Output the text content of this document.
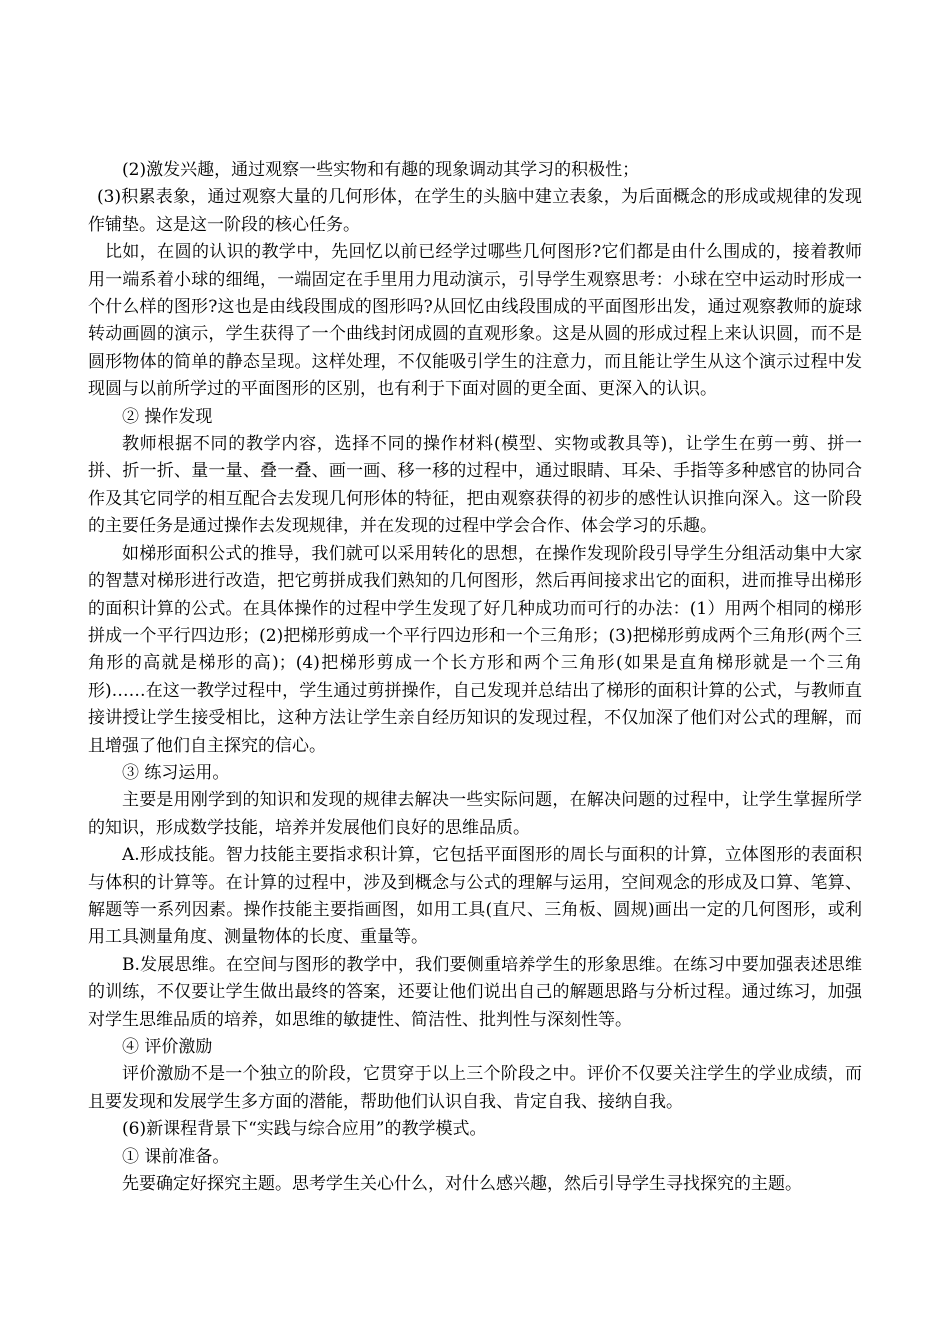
(2)激发兴趣，通过观察一些实物和有趣的现象调动其学习的积极性；

(3)积累表象，通过观察大量的几何形体，在学生的头脑中建立表象，为后面概念的形成或规律的发现作铺垫。这是这一阶段的核心任务。

比如，在圆的认识的教学中，先回忆以前已经学过哪些几何图形?它们都是由什么围成的，接着教师用一端系着小球的细绳，一端固定在手里用力甩动演示，引导学生观察思考：小球在空中运动时形成一个什么样的图形?这也是由线段围成的图形吗?从回忆由线段围成的平面图形出发，通过观察教师的旋球转动画圆的演示，学生获得了一个曲线封闭成圆的直观形象。这是从圆的形成过程上来认识圆，而不是圆形物体的简单的静态呈现。这样处理，不仅能吸引学生的注意力，而且能让学生从这个演示过程中发现圆与以前所学过的平面图形的区别，也有利于下面对圆的更全面、更深入的认识。

② 操作发现

教师根据不同的教学内容，选择不同的操作材料(模型、实物或教具等)，让学生在剪一剪、拼一拼、折一折、量一量、叠一叠、画一画、移一移的过程中，通过眼睛、耳朵、手指等多种感官的协同合作及其它同学的相互配合去发现几何形体的特征，把由观察获得的初步的感性认识推向深入。这一阶段的主要任务是通过操作去发现规律，并在发现的过程中学会合作、体会学习的乐趣。

如梯形面积公式的推导，我们就可以采用转化的思想，在操作发现阶段引导学生分组活动集中大家的智慧对梯形进行改造，把它剪拼成我们熟知的几何图形，然后再间接求出它的面积，进而推导出梯形的面积计算的公式。在具体操作的过程中学生发现了好几种成功而可行的办法：(1）用两个相同的梯形拼成一个平行四边形；(2)把梯形剪成一个平行四边形和一个三角形；(3)把梯形剪成两个三角形(两个三角形的高就是梯形的高)；(4)把梯形剪成一个长方形和两个三角形(如果是直角梯形就是一个三角形)……在这一教学过程中，学生通过剪拼操作，自己发现并总结出了梯形的面积计算的公式，与教师直接讲授让学生接受相比，这种方法让学生亲自经历知识的发现过程，不仅加深了他们对公式的理解，而且增强了他们自主探究的信心。

③ 练习运用。

主要是用刚学到的知识和发现的规律去解决一些实际问题，在解决问题的过程中，让学生掌握所学的知识，形成数学技能，培养并发展他们良好的思维品质。

A.形成技能。智力技能主要指求积计算，它包括平面图形的周长与面积的计算，立体图形的表面积与体积的计算等。在计算的过程中，涉及到概念与公式的理解与运用，空间观念的形成及口算、笔算、解题等一系列因素。操作技能主要指画图，如用工具(直尺、三角板、圆规)画出一定的几何图形，或利用工具测量角度、测量物体的长度、重量等。

B.发展思维。在空间与图形的教学中，我们要侧重培养学生的形象思维。在练习中要加强表述思维的训练，不仅要让学生做出最终的答案，还要让他们说出自己的解题思路与分析过程。通过练习，加强对学生思维品质的培养，如思维的敏捷性、简洁性、批判性与深刻性等。

④ 评价激励

评价激励不是一个独立的阶段，它贯穿于以上三个阶段之中。评价不仅要关注学生的学业成绩，而且要发现和发展学生多方面的潜能，帮助他们认识自我、肯定自我、接纳自我。

(6)新课程背景下“实践与综合应用”的教学模式。

① 课前准备。

先要确定好探究主题。思考学生关心什么，对什么感兴趣，然后引导学生寻找探究的主题。
